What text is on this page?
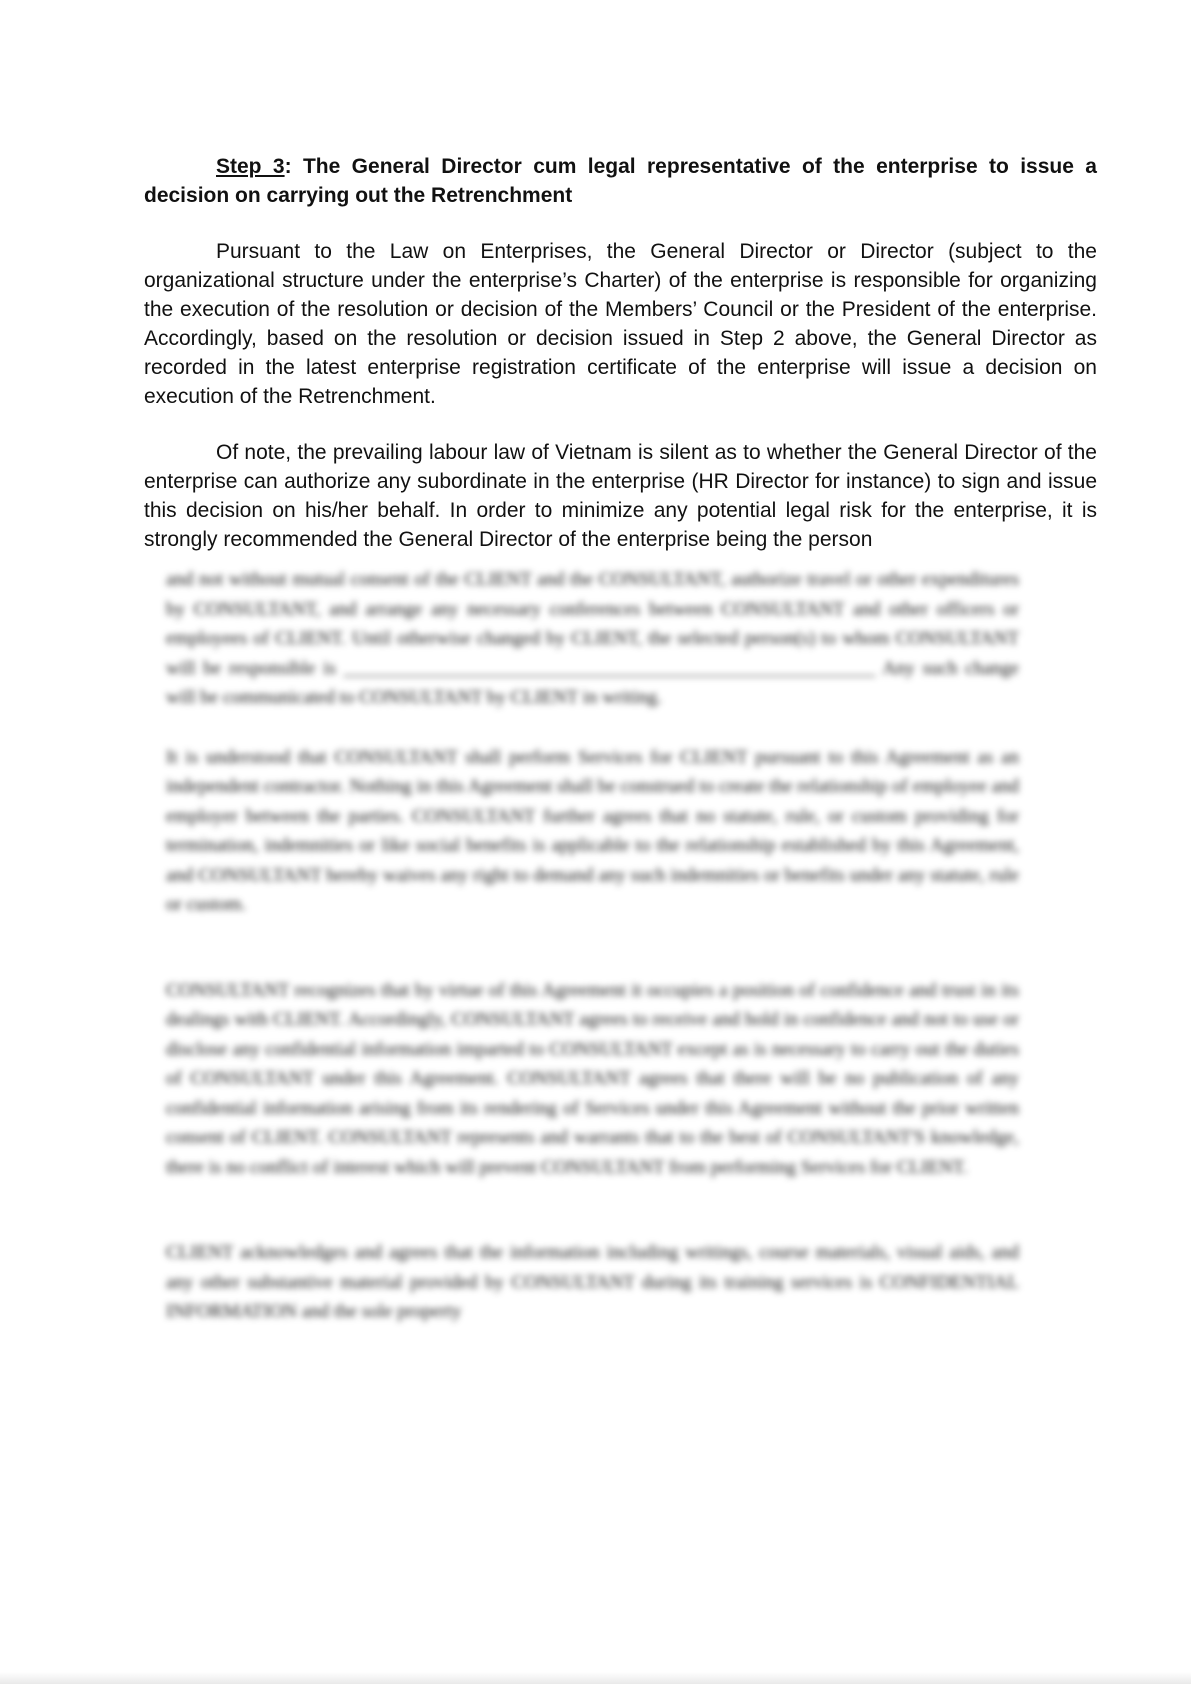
Step 3: The General Director cum legal representative of the enterprise to issue a decision on carrying out the Retrenchment

Pursuant to the Law on Enterprises, the General Director or Director (subject to the organizational structure under the enterprise’s Charter) of the enterprise is responsible for organizing the execution of the resolution or decision of the Members’ Council or the President of the enterprise. Accordingly, based on the resolution or decision issued in Step 2 above, the General Director as recorded in the latest enterprise registration certificate of the enterprise will issue a decision on execution of the Retrenchment.

Of note, the prevailing labour law of Vietnam is silent as to whether the General Director of the enterprise can authorize any subordinate in the enterprise (HR Director for instance) to sign and issue this decision on his/her behalf. In order to minimize any potential legal risk for the enterprise, it is strongly recommended the General Director of the enterprise being the person

and not without mutual consent of the CLIENT and the CONSULTANT, authorize travel or other expenditures by CONSULTANT, and arrange any necessary conferences between CONSULTANT and other officers or employees of CLIENT. Until otherwise changed by CLIENT, the selected person(s) to whom CONSULTANT will be responsible is ________________________________________________________ Any such change will be communicated to CONSULTANT by CLIENT in writing.

It is understood that CONSULTANT shall perform Services for CLIENT pursuant to this Agreement as an independent contractor. Nothing in this Agreement shall be construed to create the relationship of employee and employer between the parties. CONSULTANT further agrees that no statute, rule, or custom providing for termination, indemnities or like social benefits is applicable to the relationship established by this Agreement, and CONSULTANT hereby waives any right to demand any such indemnities or benefits under any statute, rule or custom.

CONSULTANT recognizes that by virtue of this Agreement it occupies a position of confidence and trust in its dealings with CLIENT. Accordingly, CONSULTANT agrees to receive and hold in confidence and not to use or disclose any confidential information imparted to CONSULTANT except as is necessary to carry out the duties of CONSULTANT under this Agreement. CONSULTANT agrees that there will be no publication of any confidential information arising from its rendering of Services under this Agreement without the prior written consent of CLIENT. CONSULTANT represents and warrants that to the best of CONSULTANT'S knowledge, there is no conflict of interest which will prevent CONSULTANT from performing Services for CLIENT.

CLIENT acknowledges and agrees that the information including writings, course materials, visual aids, and any other substantive material provided by CONSULTANT during its training services is CONFIDENTIAL INFORMATION and the sole property
